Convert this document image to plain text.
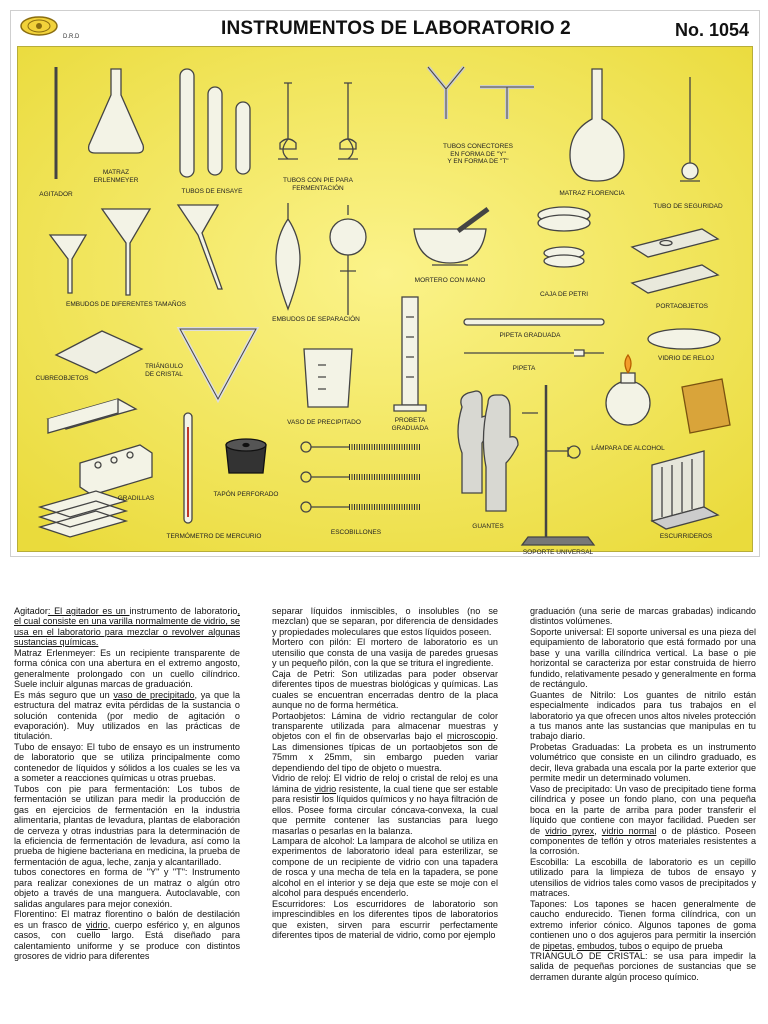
D.R.D	INSTRUMENTOS DE LABORATORIO 2	No. 1054
AGITADOR
MATRAZ
ERLENMEYER
TUBOS DE ENSAYE
TUBOS CON PIE PARA
FERMENTACIÓN
TUBOS CONECTORES
EN FORMA DE "Y"
Y EN FORMA DE "T"
MATRAZ FLORENCIA
TUBO DE SEGURIDAD
EMBUDOS DE DIFERENTES TAMAÑOS
EMBUDOS DE SEPARACIÓN
MORTERO CON MANO
CAJA DE PETRI
PORTAOBJETOS
PIPETA GRADUADA
PIPETA
VIDRIO DE RELOJ
CUBREOBJETOS
TRIÁNGULO
DE CRISTAL
VASO DE PRECIPITADO	PROBETA
GRADUADA
LÁMPARA DE ALCOHOL
GRADILLAS
TAPÓN PERFORADO
ESCOBILLONES
GUANTES
ESCURRIDEROS
TERMÓMETRO DE MERCURIO
SOPORTE UNIVERSAL

Agitador: El agitador es un instrumento de laboratorio, el cual consiste en una varilla normalmente de vidrio, se usa en el laboratorio para mezclar o revolver algunas sustancias químicas.

Matraz Erlenmeyer: Es un recipiente transparente de forma cónica con una abertura en el extremo angosto, generalmente prolongado con un cuello cilíndrico. Suele incluir algunas marcas de graduación.

Es más seguro que un vaso de precipitado, ya que la estructura del matraz evita pérdidas de la sustancia o solución contenida (por medio de agitación o evaporación). Muy utilizados en las prácticas de titulación.

Tubo de ensayo: El tubo de ensayo es un instrumento de laboratorio que se utiliza principalmente como contenedor de líquidos y sólidos a los cuales se les va a someter a reacciones químicas u otras pruebas.

Tubos con pie para fermentación: Los tubos de fermentación se utilizan para medir la producción de gas en ejercicios de fermentación en la industria alimentaria, plantas de levadura, plantas de elaboración de cerveza y otras industrias para la determinación de la eficiencia de fermentación de levadura, así como la prueba de higiene bacteriana en medicina, la prueba de fermentación de agua, leche, zanja y alcantarillado.

tubos conectores en forma de "Y" y "T": Instrumento para realizar conexiones de un matraz o algún otro objeto a través de una manguera. Autoclavable, con salidas angulares para mejor conexión.

Florentino: El matraz florentino o balón de destilación es un frasco de vidrio, cuerpo esférico y, en algunos casos, con cuello largo. Está diseñado para calentamiento uniforme y se produce con distintos grosores de vidrio para diferentes

separar líquidos inmiscibles, o insolubles (no se mezclan) que se separan, por diferencia de densidades y propiedades moleculares que estos líquidos poseen.

Mortero con pilón: El mortero de laboratorio es un utensilio que consta de una vasija de paredes gruesas y un pequeño pilón, con la que se tritura el ingrediente.

Caja de Petri: Son utilizadas para poder observar diferentes tipos de muestras biológicas y químicas. Las cuales se encuentran encerradas dentro de la placa aunque no de forma hermética.

Portaobjetos: Lámina de vidrio rectangular de color transparente utilizada para almacenar muestras y objetos con el fin de observarlas bajo el microscopio. Las dimensiones típicas de un portaobjetos son de 75mm x 25mm, sin embargo pueden variar dependiendo del tipo de objeto o muestra.

Vidrio de reloj: El vidrio de reloj o cristal de reloj es una lámina de vidrio resistente, la cual tiene que ser estable para resistir los líquidos químicos y no haya filtración de ellos. Posee forma circular cóncava-convexa, la cual que permite contener las sustancias para luego masarlas o pesarlas en la balanza.

Lampara de alcohol: La lampara de alcohol se utiliza en experimentos de laboratorio ideal para esterilizar, se compone de un recipiente de vidrio con una tapadera de rosca y una mecha de tela en la tapadera, se pone alcohol en el interior y se deja que este se moje con el alcohol para después encenderlo.

Escurridores: Los escurridores de laboratorio son imprescindibles en los diferentes tipos de laboratorios que existen, sirven para escurrir perfectamente diferentes tipos de material de vidrio, como por ejemplo

graduación (una serie de marcas grabadas) indicando distintos volúmenes.

Soporte universal: El soporte universal es una pieza del equipamiento de laboratorio que está formado por una base y una varilla cilíndrica vertical. La base o pie horizontal se caracteriza por estar construida de hierro fundido, relativamente pesado y generalmente en forma de rectángulo.

Guantes de Nitrilo: Los guantes de nitrilo están especialmente indicados para tus trabajos en el laboratorio ya que ofrecen unos altos niveles protección a tus manos ante las sustancias que manipulas en tu trabajo diario.

Probetas Graduadas: La probeta es un instrumento volumétrico que consiste en un cilindro graduado, es decir, lleva grabada una escala por la parte exterior que permite medir un determinado volumen.

Vaso de precipitado: Un vaso de precipitado tiene forma cilíndrica y posee un fondo plano, con una pequeña boca en la parte de arriba para poder transferir el líquido que contiene con mayor facilidad. Pueden ser de vidrio pyrex, vidrio normal o de plástico. Poseen componentes de teflón y otros materiales resistentes a la corrosión.

Escobilla: La escobilla de laboratorio es un cepillo utilizado para la limpieza de tubos de ensayo y utensilios de vidrios tales como vasos de precipitados y matraces.

Tapones: Los tapones se hacen generalmente de caucho endurecido. Tienen forma cilíndrica, con un extremo inferior cónico. Algunos tapones de goma contienen uno o dos agujeros para permitir la inserción de pipetas, embudos, tubos o equipo de prueba

TRIANGULO DE CRISTAL: se usa para impedir la salida de pequeñas porciones de sustancias que se derramen durante algún proceso químico.
